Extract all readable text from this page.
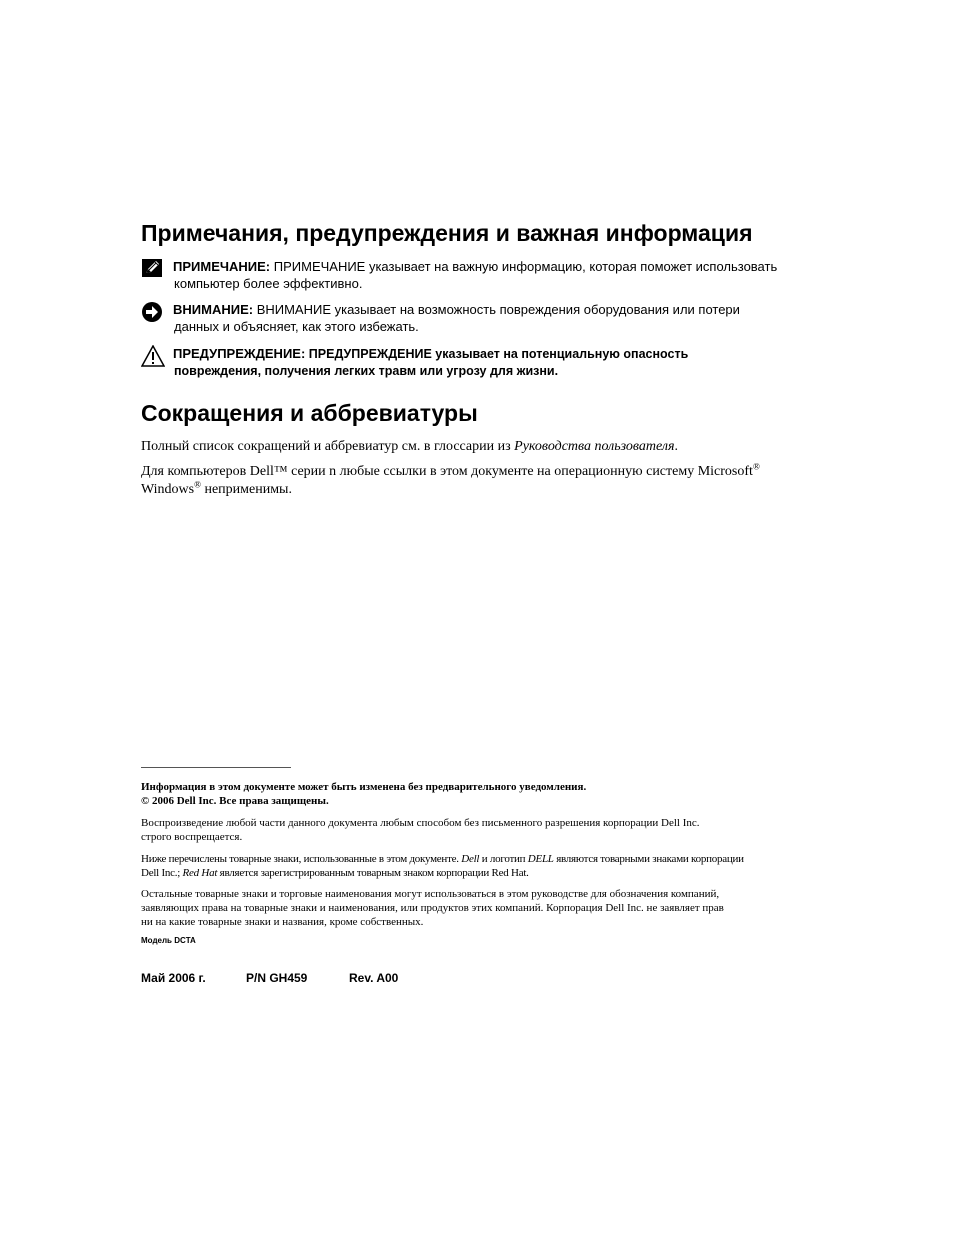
Примечания, предупреждения и важная информация
ПРИМЕЧАНИЕ: ПРИМЕЧАНИЕ указывает на важную информацию, которая поможет использовать
компьютер более эффективно.
ВНИМАНИЕ: ВНИМАНИЕ указывает на возможность повреждения оборудования или потери
данных и объясняет, как этого избежать.
ПРЕДУПРЕЖДЕНИЕ: ПРЕДУПРЕЖДЕНИЕ указывает на потенциальную опасность
повреждения, получения легких травм или угрозу для жизни.
Сокращения и аббревиатуры
Полный список сокращений и аббревиатур см. в глоссарии из Руководства пользователя.
Для компьютеров Dell™ серии n любые ссылки в этом документе на операционную систему Microsoft®
Windows® неприменимы.
Информация в этом документе может быть изменена без предварительного уведомления.
© 2006 Dell Inc. Все права защищены.
Воспроизведение любой части данного документа любым способом без письменного разрешения корпорации Dell Inc.
строго воспрещается.
Ниже перечислены товарные знаки, использованные в этом документе. Dell и логотип DELL являются товарными знаками корпорации
Dell Inc.; Red Hat является зарегистрированным товарным знаком корпорации Red Hat.
Остальные товарные знаки и торговые наименования могут использоваться в этом руководстве для обозначения компаний,
заявляющих права на товарные знаки и наименования, или продуктов этих компаний. Корпорация Dell Inc. не заявляет прав
ни на какие товарные знаки и названия, кроме собственных.
Модель DCTA
Май 2006 г.	P/N GH459	Rev. A00
